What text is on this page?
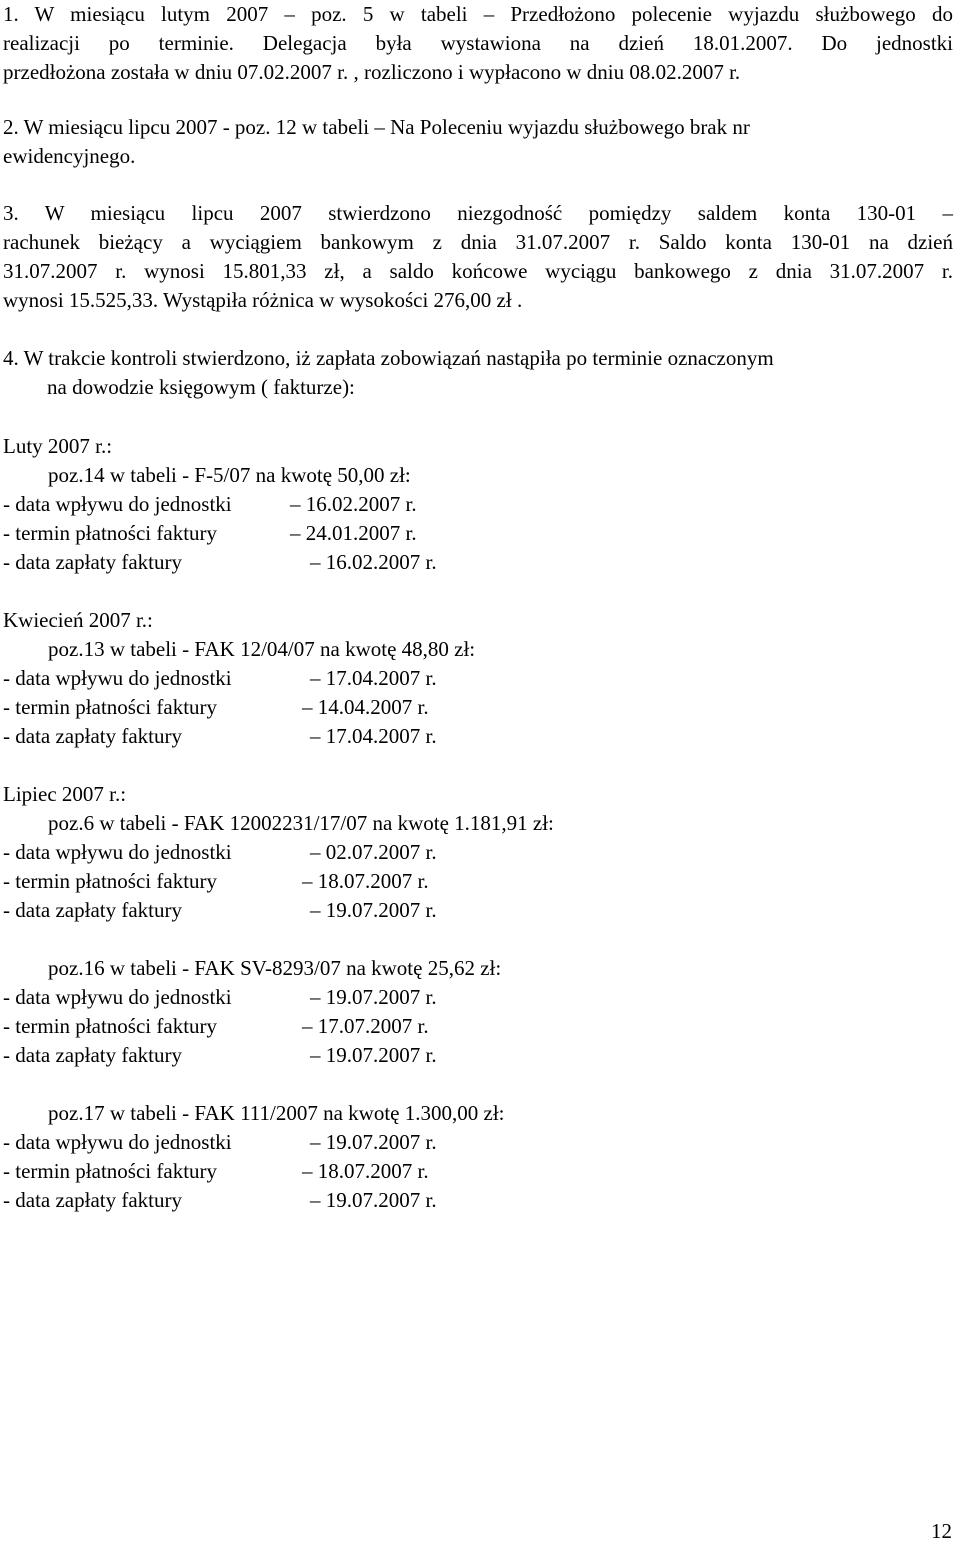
1. W miesiącu lutym 2007 – poz. 5 w tabeli – Przedłożono polecenie wyjazdu służbowego do
realizacji po terminie. Delegacja była wystawiona na dzień 18.01.2007. Do jednostki
przedłożona została w dniu 07.02.2007 r. , rozliczono i wypłacono w dniu 08.02.2007 r.
2. W miesiącu lipcu 2007 - poz. 12 w tabeli – Na Poleceniu wyjazdu służbowego brak nr
ewidencyjnego.
3. W miesiącu lipcu 2007 stwierdzono niezgodność pomiędzy saldem konta 130-01 –
rachunek bieżący a wyciągiem bankowym z dnia 31.07.2007 r. Saldo konta 130-01 na dzień
31.07.2007 r. wynosi 15.801,33 zł, a saldo końcowe wyciągu bankowego z dnia 31.07.2007 r.
wynosi 15.525,33. Wystąpiła różnica w wysokości 276,00 zł .
4. W trakcie kontroli stwierdzono, iż zapłata zobowiązań nastąpiła po terminie oznaczonym
na dowodzie księgowym ( fakturze):
Luty 2007 r.:
poz.14 w tabeli - F-5/07 na kwotę 50,00 zł:
- data wpływu do jednostki	– 16.02.2007 r.
- termin płatności faktury	– 24.01.2007 r.
- data zapłaty faktury	– 16.02.2007 r.
Kwiecień 2007 r.:
poz.13 w tabeli - FAK 12/04/07 na kwotę 48,80 zł:
- data wpływu do jednostki	– 17.04.2007 r.
- termin płatności faktury	– 14.04.2007 r.
- data zapłaty faktury	– 17.04.2007 r.
Lipiec 2007 r.:
poz.6 w tabeli - FAK 12002231/17/07 na kwotę 1.181,91 zł:
- data wpływu do jednostki	– 02.07.2007 r.
- termin płatności faktury	– 18.07.2007 r.
- data zapłaty faktury	– 19.07.2007 r.
poz.16 w tabeli - FAK SV-8293/07 na kwotę 25,62 zł:
- data wpływu do jednostki	– 19.07.2007 r.
- termin płatności faktury	– 17.07.2007 r.
- data zapłaty faktury	– 19.07.2007 r.
poz.17 w tabeli - FAK 111/2007 na kwotę 1.300,00 zł:
- data wpływu do jednostki	– 19.07.2007 r.
- termin płatności faktury	– 18.07.2007 r.
- data zapłaty faktury	– 19.07.2007 r.
12
